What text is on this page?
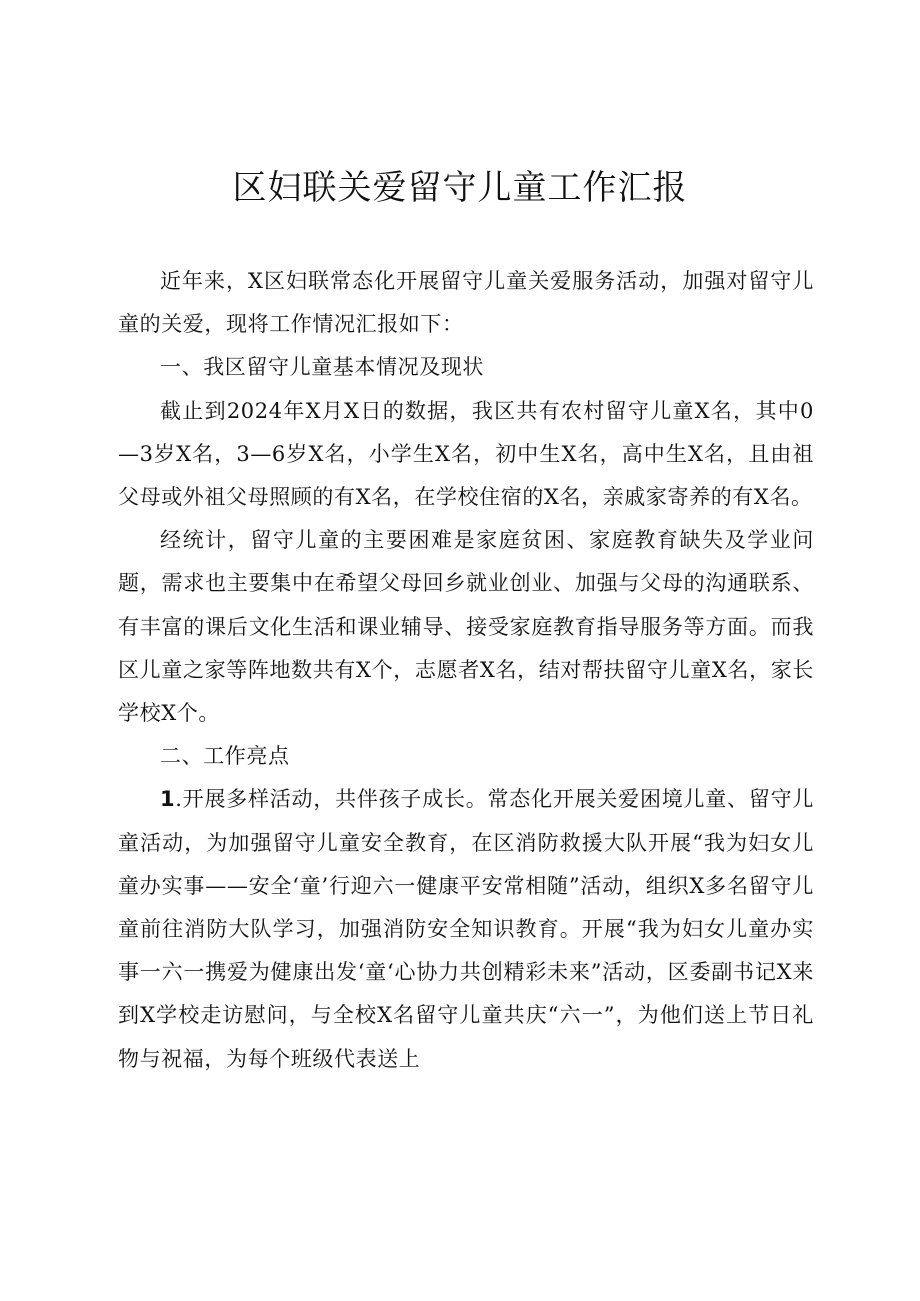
区妇联关爱留守儿童工作汇报

近年来，X区妇联常态化开展留守儿童关爱服务活动，加强对留守儿童的关爱，现将工作情况汇报如下：

一、我区留守儿童基本情况及现状

截止到2024年X月X日的数据，我区共有农村留守儿童X名，其中0—3岁X名，3—6岁X名，小学生X名，初中生X名，高中生X名，且由祖父母或外祖父母照顾的有X名，在学校住宿的X名，亲戚家寄养的有X名。

经统计，留守儿童的主要困难是家庭贫困、家庭教育缺失及学业问题，需求也主要集中在希望父母回乡就业创业、加强与父母的沟通联系、有丰富的课后文化生活和课业辅导、接受家庭教育指导服务等方面。而我区儿童之家等阵地数共有X个，志愿者X名，结对帮扶留守儿童X名，家长学校X个。

二、工作亮点

1.开展多样活动，共伴孩子成长。常态化开展关爱困境儿童、留守儿童活动，为加强留守儿童安全教育，在区消防救援大队开展“我为妇女儿童办实事——安全‘童’行迎六一健康平安常相随”活动，组织X多名留守儿童前往消防大队学习，加强消防安全知识教育。开展“我为妇女儿童办实事一六一携爱为健康出发‘童‘心协力共创精彩未来”活动，区委副书记X来到X学校走访慰问，与全校X名留守儿童共庆“六一”，为他们送上节日礼物与祝福，为每个班级代表送上
